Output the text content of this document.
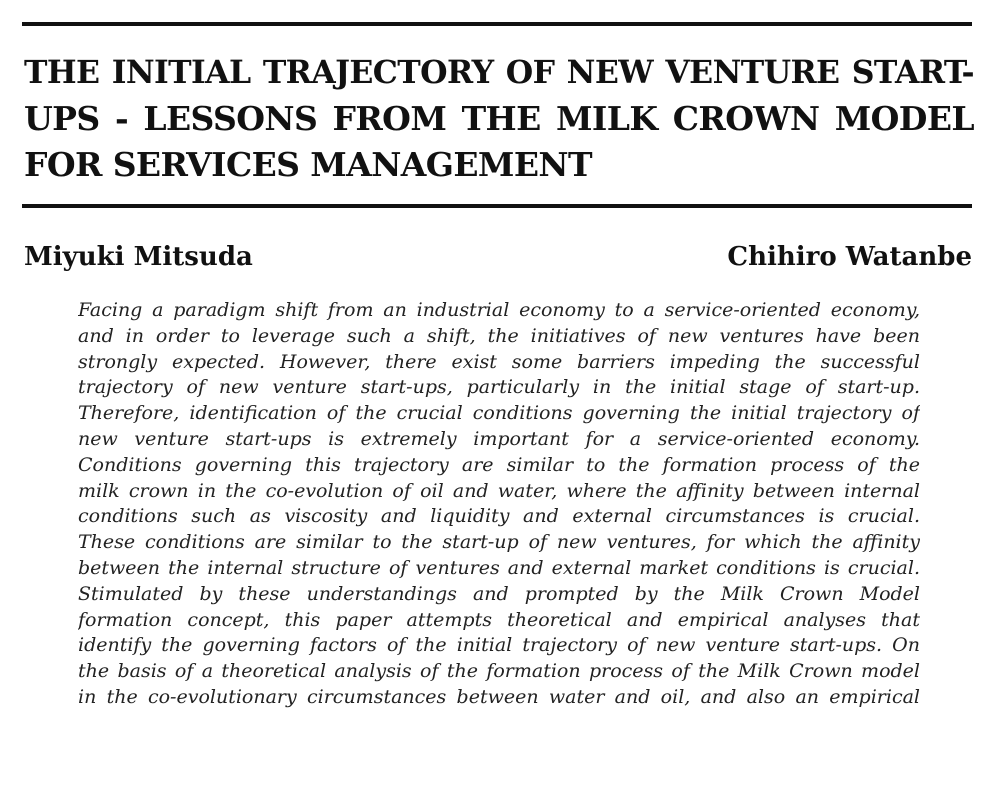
THE INITIAL TRAJECTORY OF NEW VENTURE START-
UPS - LESSONS FROM THE MILK CROWN MODEL
FOR SERVICES MANAGEMENT
Miyuki Mitsuda	Chihiro Watanbe
Facing a paradigm shift from an industrial economy to a service-oriented economy,
and in order to leverage such a shift, the initiatives of new ventures have been
strongly expected. However, there exist some barriers impeding the successful
trajectory of new venture start-ups, particularly in the initial stage of start-up.
Therefore, identification of the crucial conditions governing the initial trajectory of
new venture start-ups is extremely important for a service-oriented economy.
Conditions governing this trajectory are similar to the formation process of the
milk crown in the co-evolution of oil and water, where the affinity between internal
conditions such as viscosity and liquidity and external circumstances is crucial.
These conditions are similar to the start-up of new ventures, for which the affinity
between the internal structure of ventures and external market conditions is crucial.
Stimulated by these understandings and prompted by the Milk Crown Model
formation concept, this paper attempts theoretical and empirical analyses that
identify the governing factors of the initial trajectory of new venture start-ups. On
the basis of a theoretical analysis of the formation process of the Milk Crown model
in the co-evolutionary circumstances between water and oil, and also an empirical
